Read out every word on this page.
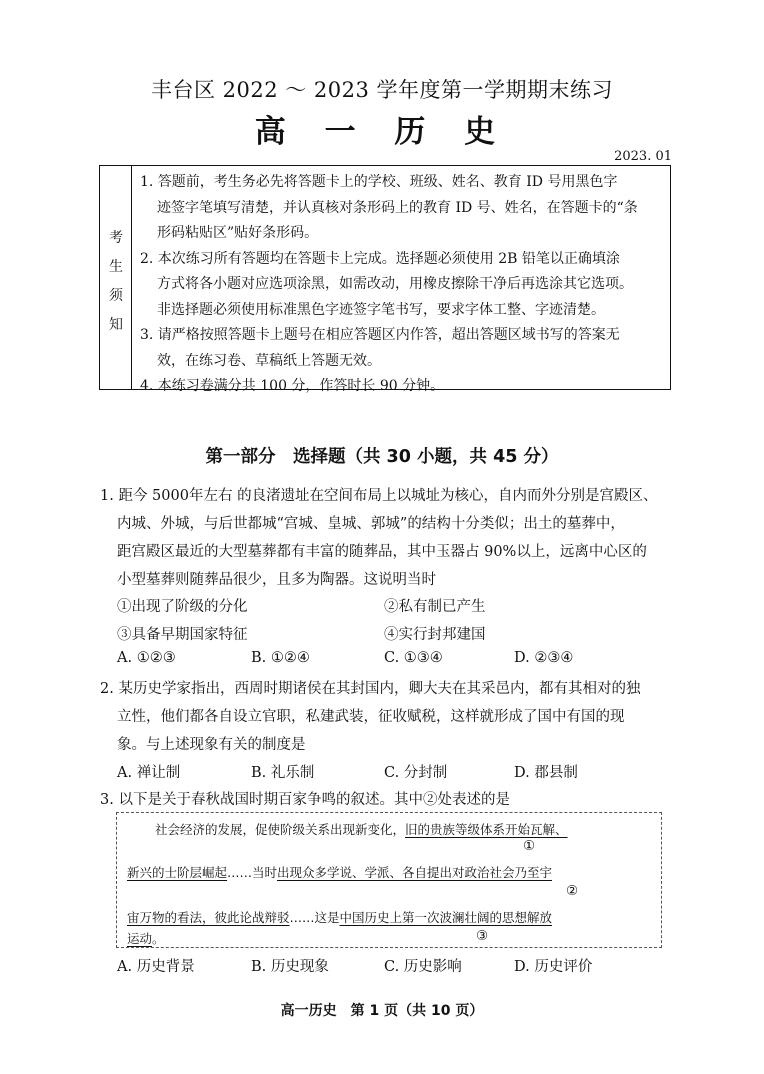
丰台区 2022 ～ 2023 学年度第一学期期末练习
高 一 历 史
2023. 01
考
生
须
知
1. 答题前，考生务必先将答题卡上的学校、班级、姓名、教育 ID 号用黑色字
迹签字笔填写清楚，并认真核对条形码上的教育 ID 号、姓名，在答题卡的“条
形码粘贴区”贴好条形码。
2. 本次练习所有答题均在答题卡上完成。选择题必须使用 2B 铅笔以正确填涂
方式将各小题对应选项涂黑，如需改动，用橡皮擦除干净后再选涂其它选项。
非选择题必须使用标准黑色字迹签字笔书写，要求字体工整、字迹清楚。
3. 请严格按照答题卡上题号在相应答题区内作答，超出答题区域书写的答案无
效，在练习卷、草稿纸上答题无效。
4. 本练习卷满分共 100 分，作答时长 90 分钟。
第一部分　选择题（共 30 小题，共 45 分）
1. 距今 5000年左右 的良渚遗址在空间布局上以城址为核心，自内而外分别是宫殿区、
内城、外城，与后世都城“宫城、皇城、郭城”的结构十分类似；出土的墓葬中，
距宫殿区最近的大型墓葬都有丰富的随葬品，其中玉器占 90%以上，远离中心区的
小型墓葬则随葬品很少，且多为陶器。这说明当时
①出现了阶级的分化	②私有制已产生
③具备早期国家特征	④实行封邦建国
A. ①②③	B. ①②④	C. ①③④	D. ②③④
2. 某历史学家指出，西周时期诸侯在其封国内，卿大夫在其采邑内，都有其相对的独
立性，他们都各自设立官职，私建武装，征收赋税，这样就形成了国中有国的现
象。与上述现象有关的制度是
A. 禅让制	B. 礼乐制	C. 分封制	D. 郡县制
3. 以下是关于春秋战国时期百家争鸣的叙述。其中②处表述的是
社会经济的发展，促使阶级关系出现新变化，旧的贵族等级体系开始瓦解、
①
新兴的士阶层崛起……当时出现众多学说、学派、各自提出对政治社会乃至宇
②
宙万物的看法，彼此论战辩驳……这是中国历史上第一次波澜壮阔的思想解放
③
运动。
A. 历史背景	B. 历史现象	C. 历史影响	D. 历史评价
高一历史　第 1 页（共 10 页）
